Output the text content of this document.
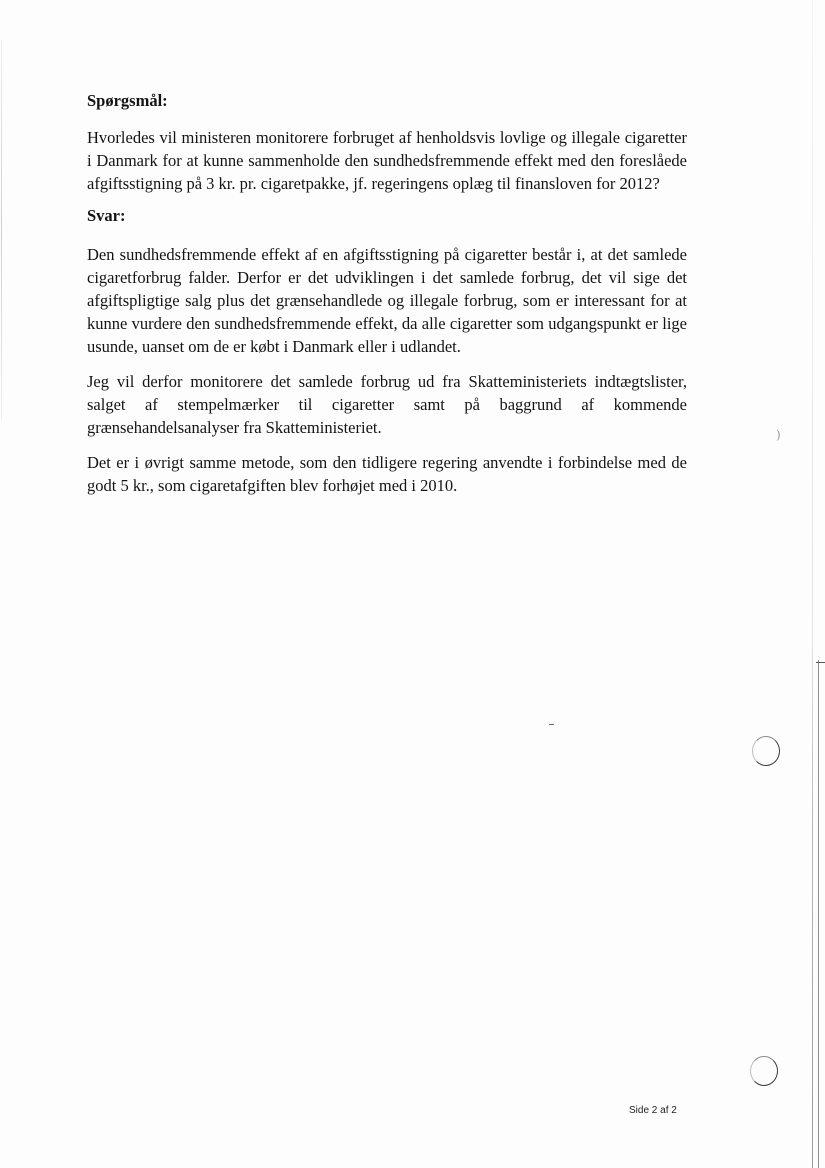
)

Spørgsmål:

Hvorledes vil ministeren monitorere forbruget af henholdsvis lovlige og illegale cigaretter i Danmark for at kunne sammenholde den sundhedsfremmende effekt med den foreslåede afgiftsstigning på 3 kr. pr. cigaretpakke, jf. regeringens oplæg til finansloven for 2012?

Svar:

Den sundhedsfremmende effekt af en afgiftsstigning på cigaretter består i, at det samlede cigaretforbrug falder. Derfor er det udviklingen i det samlede forbrug, det vil sige det afgiftspligtige salg plus det grænsehandlede og illegale forbrug, som er interessant for at kunne vurdere den sundhedsfremmende effekt, da alle cigaretter som udgangspunkt er lige usunde, uanset om de er købt i Danmark eller i udlandet.

Jeg vil derfor monitorere det samlede forbrug ud fra Skatteministeriets indtægtslister, salget af stempelmærker til cigaretter samt på baggrund af kommende grænsehandelsanalyser fra Skatteministeriet.

Det er i øvrigt samme metode, som den tidligere regering anvendte i forbindelse med de godt 5 kr., som cigaretafgiften blev forhøjet med i 2010.

Side 2 af 2
